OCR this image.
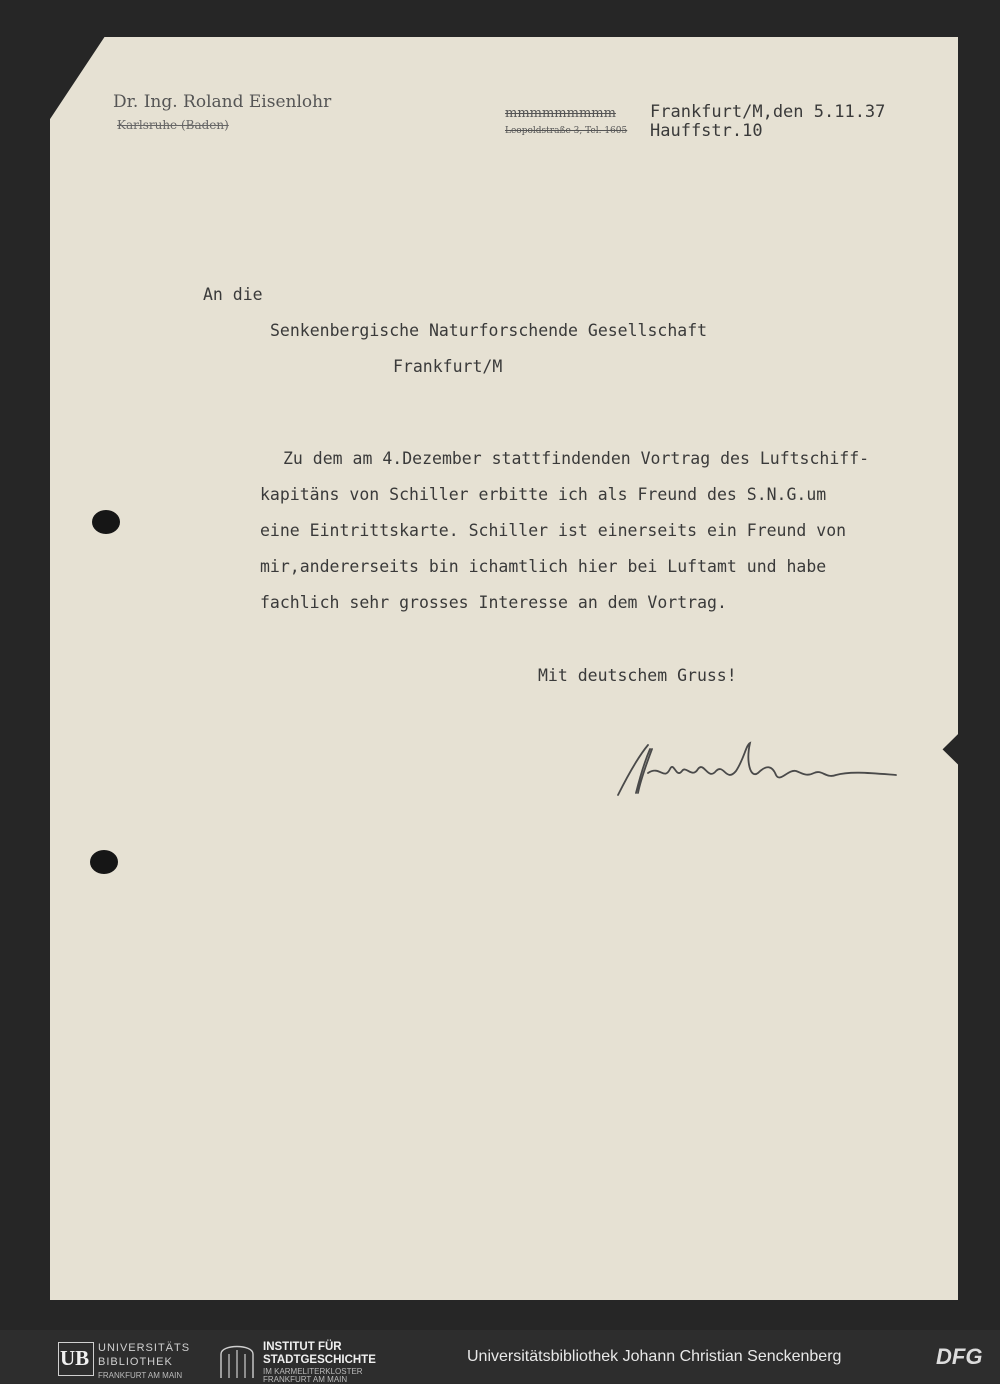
Dr. Ing. Roland Eisenlohr
Karlsruhe (Baden)
mmmmmmmmm
Leopoldstraße 3, Tel. 1605
Frankfurt/M,den 5.11.37
Hauffstr.10
An die
Senkenbergische Naturforschende Gesellschaft
Frankfurt/M
Zu dem am 4.Dezember stattfindenden Vortrag des Luftschiff-
kapitäns von Schiller erbitte ich als Freund des S.N.G.um
eine Eintrittskarte. Schiller ist einerseits ein Freund von
mir,andererseits bin ichamtlich hier bei Luftamt und habe
fachlich sehr grosses Interesse an dem Vortrag.
Mit deutschem Gruss!
UB UNIVERSITÄTS
BIBLIOTHEK
FRANKFURT AM MAIN
INSTITUT FÜR
STADTGESCHICHTE
IM KARMELITERKLOSTER
FRANKFURT AM MAIN
Universitätsbibliothek Johann Christian Senckenberg	DFG
